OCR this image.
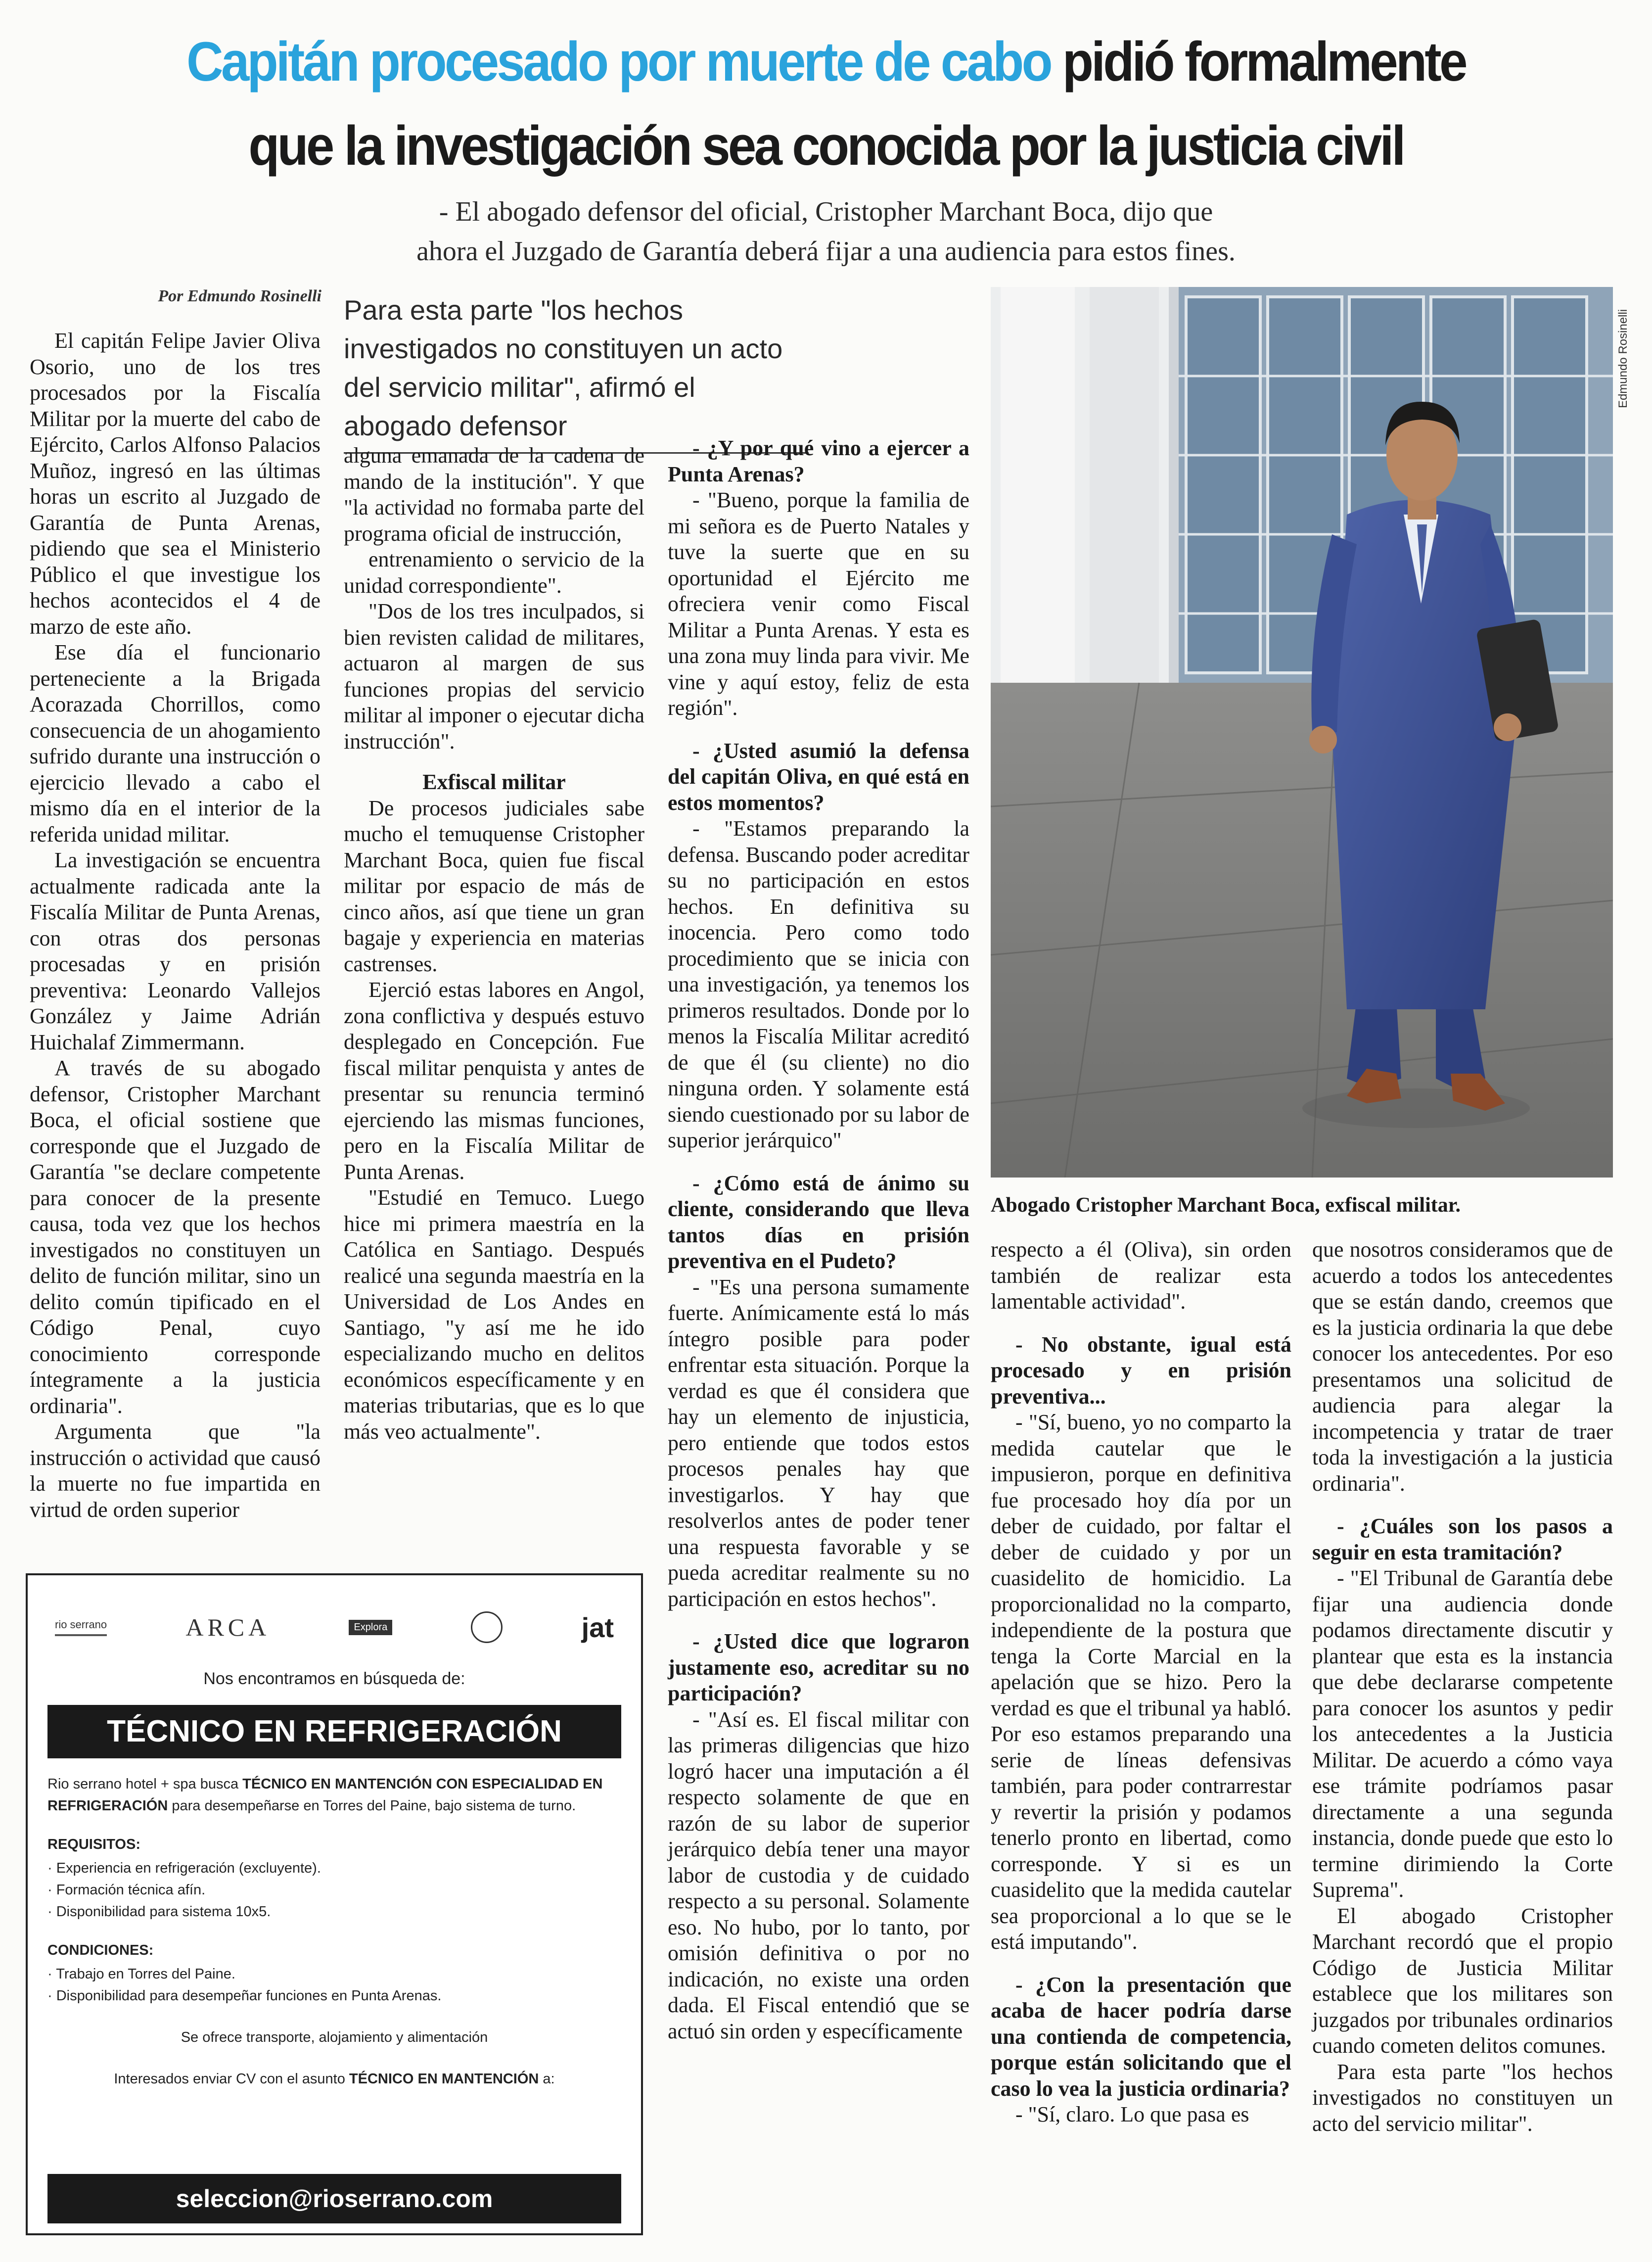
Capitán procesado por muerte de cabo pidió formalmente
que la investigación sea conocida por la justicia civil
- El abogado defensor del oficial, Cristopher Marchant Boca, dijo que
ahora el Juzgado de Garantía deberá fijar a una audiencia para estos fines.
Por Edmundo Rosinelli Para esta parte "los hechos investigados no constituyen un acto del servicio militar", afirmó el abogado defensor
Edmundo Rosinelli
Abogado Cristopher Marchant Boca, exfiscal militar.

El capitán Felipe Javier Oliva Osorio, uno de los tres procesados por la Fiscalía Militar por la muerte del cabo de Ejército, Carlos Alfonso Palacios Muñoz, ingresó en las últimas horas un escrito al Juzgado de Garantía de Punta Arenas, pidiendo que sea el Ministerio Público el que investigue los hechos acontecidos el 4 de marzo de este año.

Ese día el funcionario perteneciente a la Brigada Acorazada Chorrillos, como consecuencia de un ahogamiento sufrido durante una instrucción o ejercicio llevado a cabo el mismo día en el interior de la referida unidad militar.

La investigación se encuentra actualmente radicada ante la Fiscalía Militar de Punta Arenas, con otras dos personas procesadas y en prisión preventiva: Leonardo Vallejos González y Jaime Adrián Huichalaf Zimmermann.

A través de su abogado defensor, Cristopher Marchant Boca, el oficial sostiene que corresponde que el Juzgado de Garantía "se declare competente para conocer de la presente causa, toda vez que los hechos investigados no constituyen un delito de función militar, sino un delito común tipificado en el Código Penal, cuyo conocimiento corresponde íntegramente a la justicia ordinaria".

Argumenta que "la instrucción o actividad que causó la muerte no fue impartida en virtud de orden superior

alguna emanada de la cadena de mando de la institución". Y que "la actividad no formaba parte del programa oficial de instrucción,

entrenamiento o servicio de la unidad correspondiente".

"Dos de los tres inculpados, si bien revisten calidad de militares, actuaron al margen de sus funciones propias del servicio militar al imponer o ejecutar dicha instrucción".

Exfiscal militar

De procesos judiciales sabe mucho el temuquense Cristopher Marchant Boca, quien fue fiscal militar por espacio de más de cinco años, así que tiene un gran bagaje y experiencia en materias castrenses.

Ejerció estas labores en Angol, zona conflictiva y después estuvo desplegado en Concepción. Fue fiscal militar penquista y antes de presentar su renuncia terminó ejerciendo las mismas funciones, pero en la Fiscalía Militar de Punta Arenas.

"Estudié en Temuco. Luego hice mi primera maestría en la Católica en Santiago. Después realicé una segunda maestría en la Universidad de Los Andes en Santiago, "y así me he ido especializando mucho en delitos económicos específicamente y en materias tributarias, que es lo que más veo actualmente".

- ¿Y por qué vino a ejercer a Punta Arenas?

- "Bueno, porque la familia de mi señora es de Puerto Natales y tuve la suerte que en su oportunidad el Ejército me ofreciera venir como Fiscal Militar a Punta Arenas. Y esta es una zona muy linda para vivir. Me vine y aquí estoy, feliz de esta región".

- ¿Usted asumió la defensa del capitán Oliva, en qué está en estos momentos?

- "Estamos preparando la defensa. Buscando poder acreditar su no participación en estos hechos. En definitiva su inocencia. Pero como todo procedimiento que se inicia con una investigación, ya tenemos los primeros resultados. Donde por lo menos la Fiscalía Militar acreditó de que él (su cliente) no dio ninguna orden. Y solamente está siendo cuestionado por su labor de superior jerárquico"

- ¿Cómo está de ánimo su cliente, considerando que lleva tantos días en prisión preventiva en el Pudeto?

- "Es una persona sumamente fuerte. Anímicamente está lo más íntegro posible para poder enfrentar esta situación. Porque la verdad es que él considera que hay un elemento de injusticia, pero entiende que todos estos procesos penales hay que investigarlos. Y hay que resolverlos antes de poder tener una respuesta favorable y se pueda acreditar realmente su no participación en estos hechos".

- ¿Usted dice que lograron justamente eso, acreditar su no participación?

- "Así es. El fiscal militar con las primeras diligencias que hizo logró hacer una imputación a él respecto solamente de que en razón de su labor de superior jerárquico debía tener una mayor labor de custodia y de cuidado respecto a su personal. Solamente eso. No hubo, por lo tanto, por omisión definitiva o por no indicación, no existe una orden dada. El Fiscal entendió que se actuó sin orden y específicamente

respecto a él (Oliva), sin orden también de realizar esta lamentable actividad".

- No obstante, igual está procesado y en prisión preventiva...

- "Sí, bueno, yo no comparto la medida cautelar que le impusieron, porque en definitiva fue procesado hoy día por un deber de cuidado, por faltar el deber de cuidado y por un cuasidelito de homicidio. La proporcionalidad no la comparto, independiente de la postura que tenga la Corte Marcial en la apelación que se hizo. Pero la verdad es que el tribunal ya habló. Por eso estamos preparando una serie de líneas defensivas también, para poder contrarrestar y revertir la prisión y podamos tenerlo pronto en libertad, como corresponde. Y si es un cuasidelito que la medida cautelar sea proporcional a lo que se le está imputando".

- ¿Con la presentación que acaba de hacer podría darse una contienda de competencia, porque están solicitando que el caso lo vea la justicia ordinaria?

- "Sí, claro. Lo que pasa es

que nosotros consideramos que de acuerdo a todos los antecedentes que se están dando, creemos que es la justicia ordinaria la que debe conocer los antecedentes. Por eso presentamos una solicitud de audiencia para alegar la incompetencia y tratar de traer toda la investigación a la justicia ordinaria".

- ¿Cuáles son los pasos a seguir en esta tramitación?

- "El Tribunal de Garantía debe fijar una audiencia donde podamos directamente discutir y plantear que esta es la instancia que debe declararse competente para conocer los asuntos y pedir los antecedentes a la Justicia Militar. De acuerdo a cómo vaya ese trámite podríamos pasar directamente a una segunda instancia, donde puede que esto lo termine dirimiendo la Corte Suprema".

El abogado Cristopher Marchant recordó que el propio Código de Justicia Militar establece que los militares son juzgados por tribunales ordinarios cuando cometen delitos comunes.

Para esta parte "los hechos investigados no constituyen un acto del servicio militar".

rio serrano	ARCA	Explora	jat
Nos encontramos en búsqueda de:
TÉCNICO EN REFRIGERACIÓN
Rio serrano hotel + spa busca TÉCNICO EN MANTENCIÓN CON ESPECIALIDAD EN REFRIGERACIÓN para desempeñarse en Torres del Paine, bajo sistema de turno.
REQUISITOS:
· Experiencia en refrigeración (excluyente).
· Formación técnica afín.
· Disponibilidad para sistema 10x5.
CONDICIONES:
· Trabajo en Torres del Paine.
· Disponibilidad para desempeñar funciones en Punta Arenas.
Se ofrece transporte, alojamiento y alimentación
Interesados enviar CV con el asunto TÉCNICO EN MANTENCIÓN a:
seleccion@rioserrano.com
